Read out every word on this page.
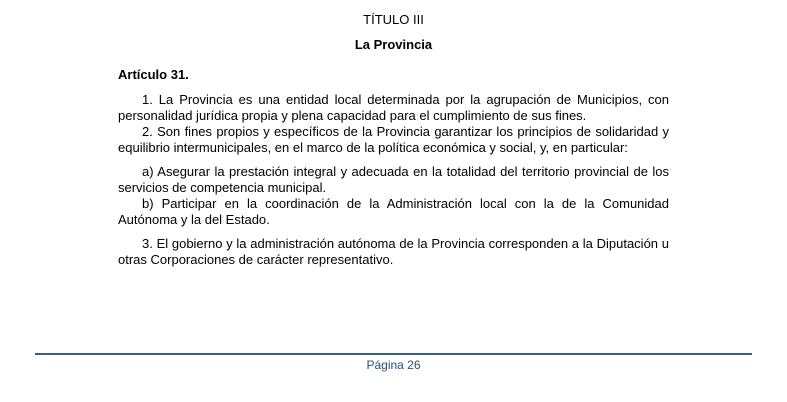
TÍTULO III
La Provincia
Artículo 31.

1. La Provincia es una entidad local determinada por la agrupación de Municipios, con personalidad jurídica propia y plena capacidad para el cumplimiento de sus fines.

2. Son fines propios y específicos de la Provincia garantizar los principios de solidaridad y equilibrio intermunicipales, en el marco de la política económica y social, y, en particular:

a) Asegurar la prestación integral y adecuada en la totalidad del territorio provincial de los servicios de competencia municipal.

b) Participar en la coordinación de la Administración local con la de la Comunidad Autónoma y la del Estado.

3. El gobierno y la administración autónoma de la Provincia corresponden a la Diputación u otras Corporaciones de carácter representativo.

Página 26
